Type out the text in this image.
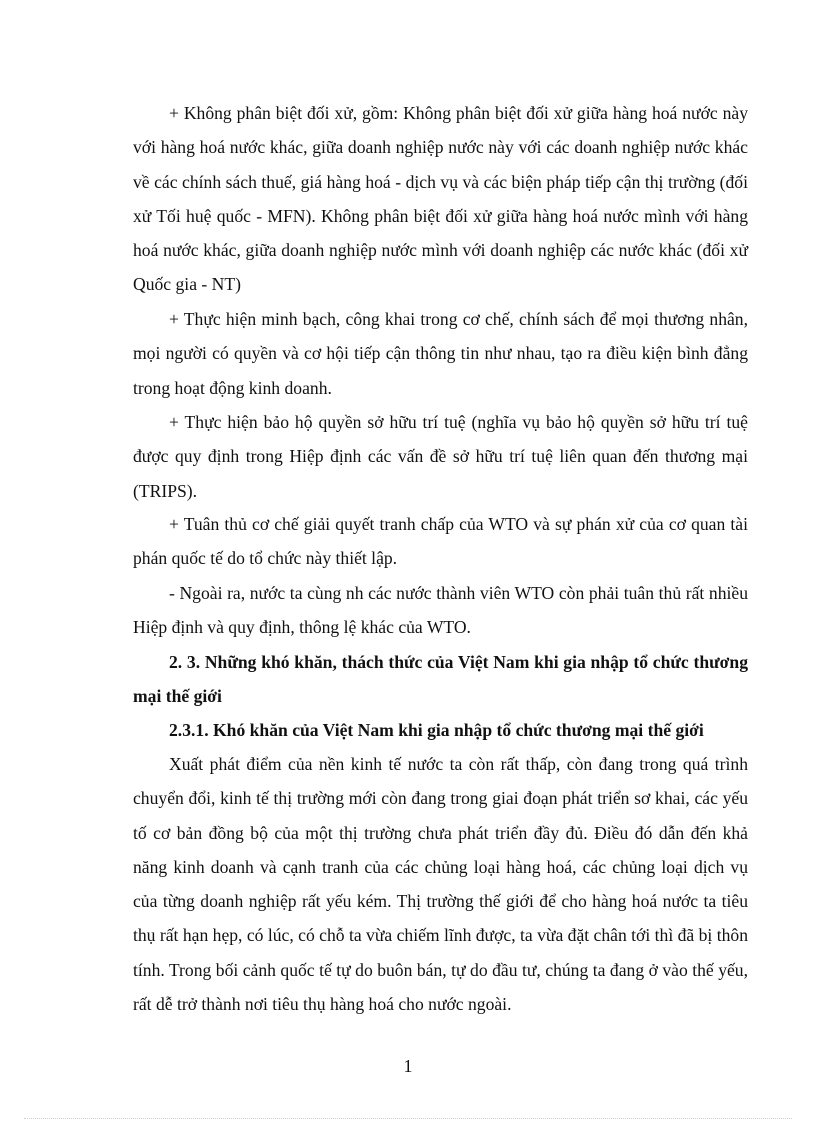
+ Không phân biệt đối xử, gồm: Không phân biệt đối xử giữa hàng hoá nước này với hàng hoá nước khác, giữa doanh nghiệp nước này với các doanh nghiệp nước khác về các chính sách thuế, giá hàng hoá - dịch vụ và các biện pháp tiếp cận thị trường (đối xử Tối huệ quốc - MFN). Không phân biệt đối xử giữa hàng hoá nước mình với hàng hoá nước khác, giữa doanh nghiệp nước mình với doanh nghiệp các nước khác (đối xử Quốc gia - NT)

+ Thực hiện minh bạch, công khai trong cơ chế, chính sách để mọi thương nhân, mọi người có quyền và cơ hội tiếp cận thông tin như nhau, tạo ra điều kiện bình đẳng trong hoạt động kinh doanh.

+ Thực hiện bảo hộ quyền sở hữu trí tuệ (nghĩa vụ bảo hộ quyền sở hữu trí tuệ được quy định trong Hiệp định các vấn đề sở hữu trí tuệ liên quan đến thương mại (TRIPS).

+ Tuân thủ cơ chế giải quyết tranh chấp của WTO và sự phán xử của cơ quan tài phán quốc tế do tổ chức này thiết lập.

- Ngoài ra, nước ta cùng nh các nước thành viên WTO còn phải tuân thủ rất nhiều Hiệp định và quy định, thông lệ khác của WTO.

2. 3. Những khó khăn, thách thức của Việt Nam khi gia nhập tổ chức thương mại thế giới

2.3.1. Khó khăn của Việt Nam khi gia nhập tổ chức thương mại thế giới

Xuất phát điểm của nền kinh tế nước ta còn rất thấp, còn đang trong quá trình chuyển đổi, kinh tế thị trường mới còn đang trong giai đoạn phát triển sơ khai, các yếu tố cơ bản đồng bộ của một thị trường chưa phát triển đầy đủ. Điều đó dẫn đến khả năng kinh doanh và cạnh tranh của các chủng loại hàng hoá, các chủng loại dịch vụ của từng doanh nghiệp rất yếu kém. Thị trường thế giới để cho hàng hoá nước ta tiêu thụ rất hạn hẹp, có lúc, có chỗ ta vừa chiếm lĩnh được, ta vừa đặt chân tới thì đã bị thôn tính. Trong bối cảnh quốc tế tự do buôn bán, tự do đầu tư, chúng ta đang ở vào thế yếu, rất dễ trở thành nơi tiêu thụ hàng hoá cho nước ngoài.

1
